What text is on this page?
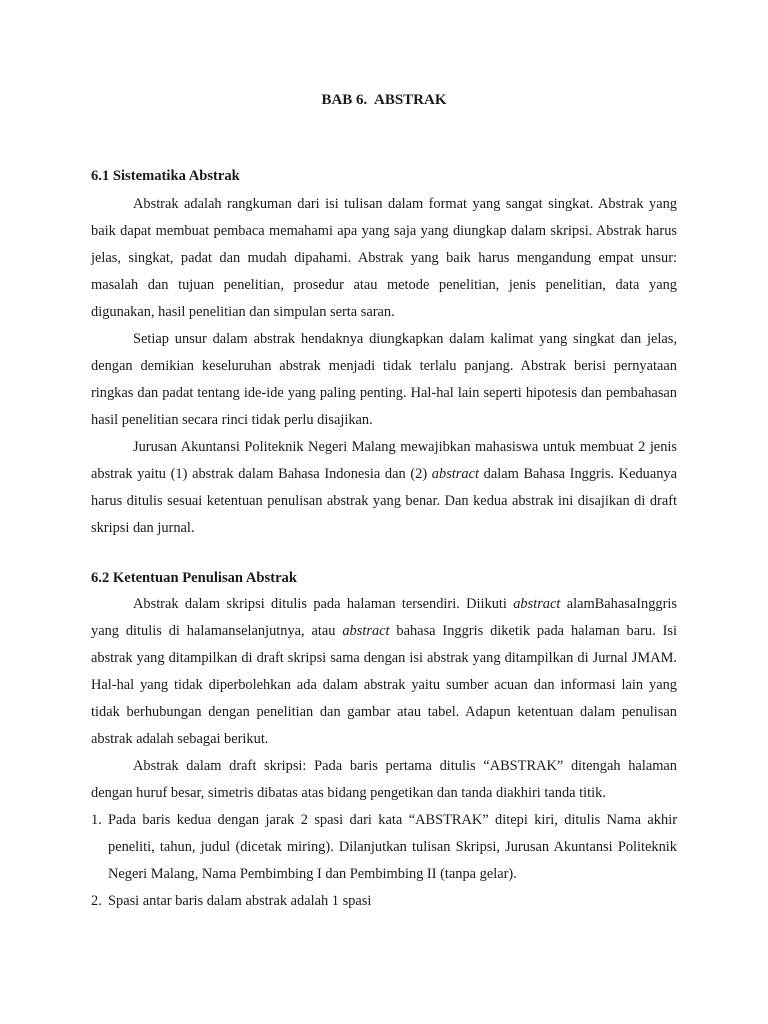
BAB 6.  ABSTRAK
6.1 Sistematika Abstrak

Abstrak adalah rangkuman dari isi tulisan dalam format yang sangat singkat. Abstrak yang baik dapat membuat pembaca memahami apa yang saja yang diungkap dalam skripsi. Abstrak harus jelas, singkat, padat dan mudah dipahami. Abstrak yang baik harus mengandung empat unsur: masalah dan tujuan penelitian, prosedur atau metode penelitian, jenis penelitian, data yang digunakan, hasil penelitian dan simpulan serta saran.

Setiap unsur dalam abstrak hendaknya diungkapkan dalam kalimat yang singkat dan jelas, dengan demikian keseluruhan abstrak menjadi tidak terlalu panjang. Abstrak berisi pernyataan ringkas dan padat tentang ide-ide yang paling penting. Hal-hal lain seperti hipotesis dan pembahasan hasil penelitian secara rinci tidak perlu disajikan.

Jurusan Akuntansi Politeknik Negeri Malang mewajibkan mahasiswa untuk membuat 2 jenis abstrak yaitu (1) abstrak dalam Bahasa Indonesia dan (2) abstract dalam Bahasa Inggris. Keduanya harus ditulis sesuai ketentuan penulisan abstrak yang benar. Dan kedua abstrak ini disajikan di draft skripsi dan jurnal.

6.2 Ketentuan Penulisan Abstrak

Abstrak dalam skripsi ditulis pada halaman tersendiri. Diikuti abstract alamBahasaInggris yang ditulis di halamanselanjutnya, atau abstract bahasa Inggris diketik pada halaman baru. Isi abstrak yang ditampilkan di draft skripsi sama dengan isi abstrak yang ditampilkan di Jurnal JMAM. Hal-hal yang tidak diperbolehkan ada dalam abstrak yaitu sumber acuan dan informasi lain yang tidak berhubungan dengan penelitian dan gambar atau tabel. Adapun ketentuan dalam penulisan abstrak adalah sebagai berikut.

Abstrak dalam draft skripsi: Pada baris pertama ditulis “ABSTRAK” ditengah halaman dengan huruf besar, simetris dibatas atas bidang pengetikan dan tanda diakhiri tanda titik.

1. Pada baris kedua dengan jarak 2 spasi dari kata “ABSTRAK” ditepi kiri, ditulis Nama akhir peneliti, tahun, judul (dicetak miring). Dilanjutkan tulisan Skripsi, Jurusan Akuntansi Politeknik Negeri Malang, Nama Pembimbing I dan Pembimbing II (tanpa gelar).
2. Spasi antar baris dalam abstrak adalah 1 spasi
